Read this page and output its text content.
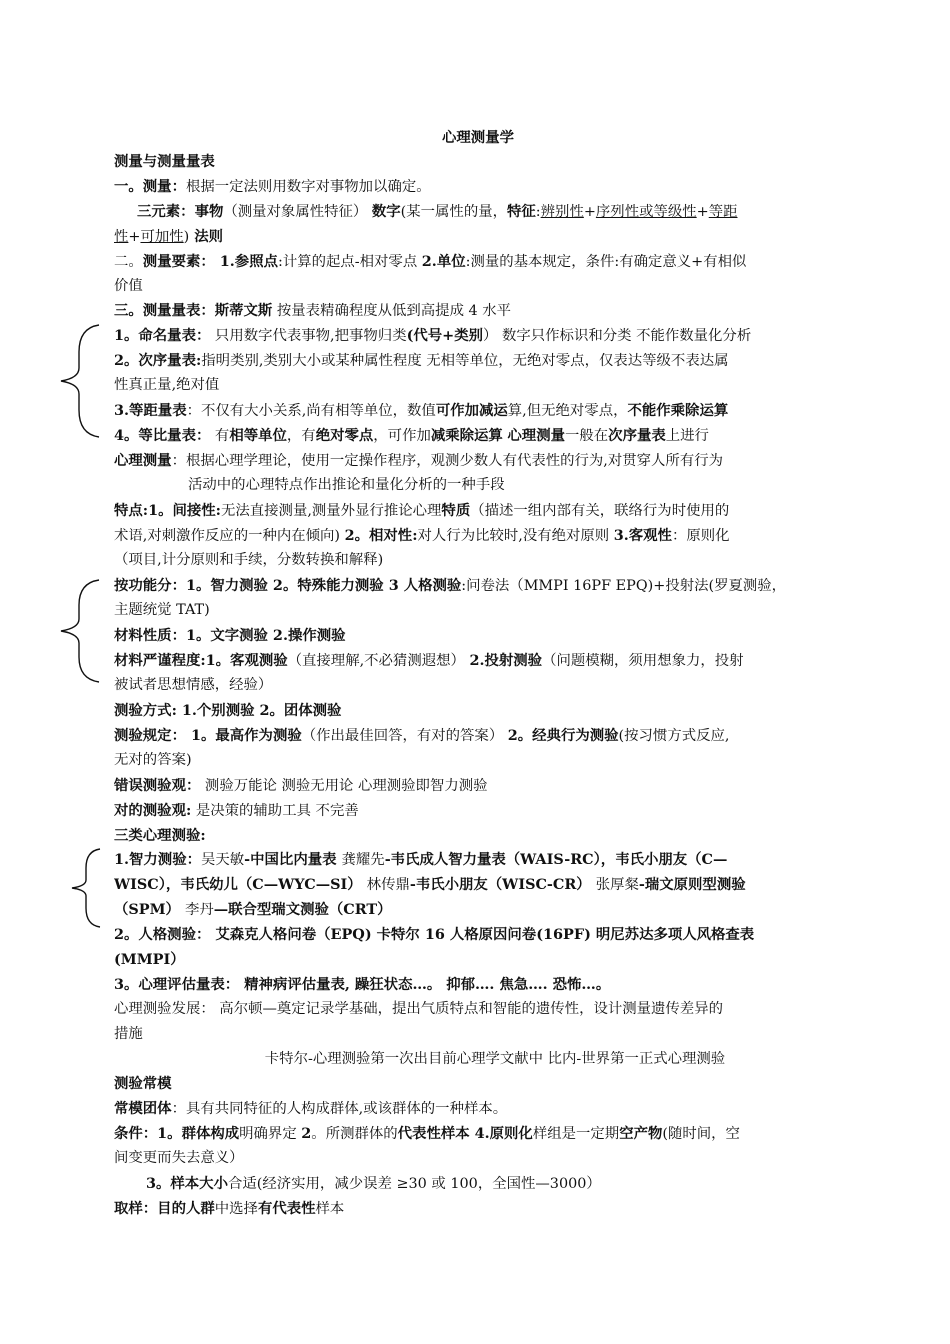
心理测量学
测量与测量量表
一。测量：根据一定法则用数字对事物加以确定。
三元素：事物（测量对象属性特征） 数字(某一属性的量，特征:辨别性+序列性或等级性+等距
性+可加性) 法则
二。测量要素： 1.参照点:计算的起点-相对零点 2.单位:测量的基本规定，条件:有确定意义+有相似
价值
三。测量量表：斯蒂文斯 按量表精确程度从低到高提成 4 水平
1。命名量表： 只用数字代表事物,把事物归类(代号+类别） 数字只作标识和分类 不能作数量化分析
2。次序量表:指明类别,类别大小或某种属性程度 无相等单位，无绝对零点，仅表达等级不表达属
性真正量,绝对值
3.等距量表：不仅有大小关系,尚有相等单位，数值可作加减运算,但无绝对零点，不能作乘除运算
4。等比量表： 有相等单位，有绝对零点，可作加减乘除运算 心理测量一般在次序量表上进行
心理测量：根据心理学理论，使用一定操作程序，观测少数人有代表性的行为,对贯穿人所有行为
活动中的心理特点作出推论和量化分析的一种手段
特点:1。间接性:无法直接测量,测量外显行推论心理特质（描述一组内部有关，联络行为时使用的
术语,对刺激作反应的一种内在倾向) 2。相对性:对人行为比较时,没有绝对原则 3.客观性：原则化
（项目,计分原则和手续，分数转换和解释)
按功能分：1。智力测验 2。特殊能力测验 3 人格测验:问卷法（MMPI 16PF EPQ)+投射法(罗夏测验，
主题统觉 TAT)
材料性质：1。文字测验 2.操作测验
材料严谨程度:1。客观测验（直接理解,不必猜测遐想） 2.投射测验（问题模糊，须用想象力，投射
被试者思想情感，经验）
测验方式: 1.个别测验 2。团体测验
测验规定： 1。最高作为测验（作出最佳回答，有对的答案） 2。经典行为测验(按习惯方式反应,
无对的答案)
错误测验观： 测验万能论 测验无用论 心理测验即智力测验
对的测验观: 是决策的辅助工具 不完善
三类心理测验:
1.智力测验：吴天敏-中国比内量表 龚耀先-韦氏成人智力量表（WAIS-RC），韦氏小朋友（C—
WISC），韦氏幼儿（C—WYC—SI） 林传鼎-韦氏小朋友（WISC-CR） 张厚粲-瑞文原则型测验
（SPM） 李丹—联合型瑞文测验（CRT）
2。人格测验： 艾森克人格问卷（EPQ) 卡特尔 16 人格原因问卷(16PF) 明尼苏达多项人风格查表
(MMPI）
3。心理评估量表： 精神病评估量表, 躁狂状态…。 抑郁…. 焦急…. 恐怖…。
心理测验发展： 高尔顿—奠定记录学基础，提出气质特点和智能的遗传性，设计测量遗传差异的
措施
卡特尔-心理测验第一次出目前心理学文献中 比内-世界第一正式心理测验
测验常模
常模团体：具有共同特征的人构成群体,或该群体的一种样本。
条件：1。群体构成明确界定 2。所测群体的代表性样本 4.原则化样组是一定期空产物(随时间，空
间变更而失去意义）
3。样本大小合适(经济实用，减少误差 ≥30 或 100，全国性—3000）
取样：目的人群中选择有代表性样本
